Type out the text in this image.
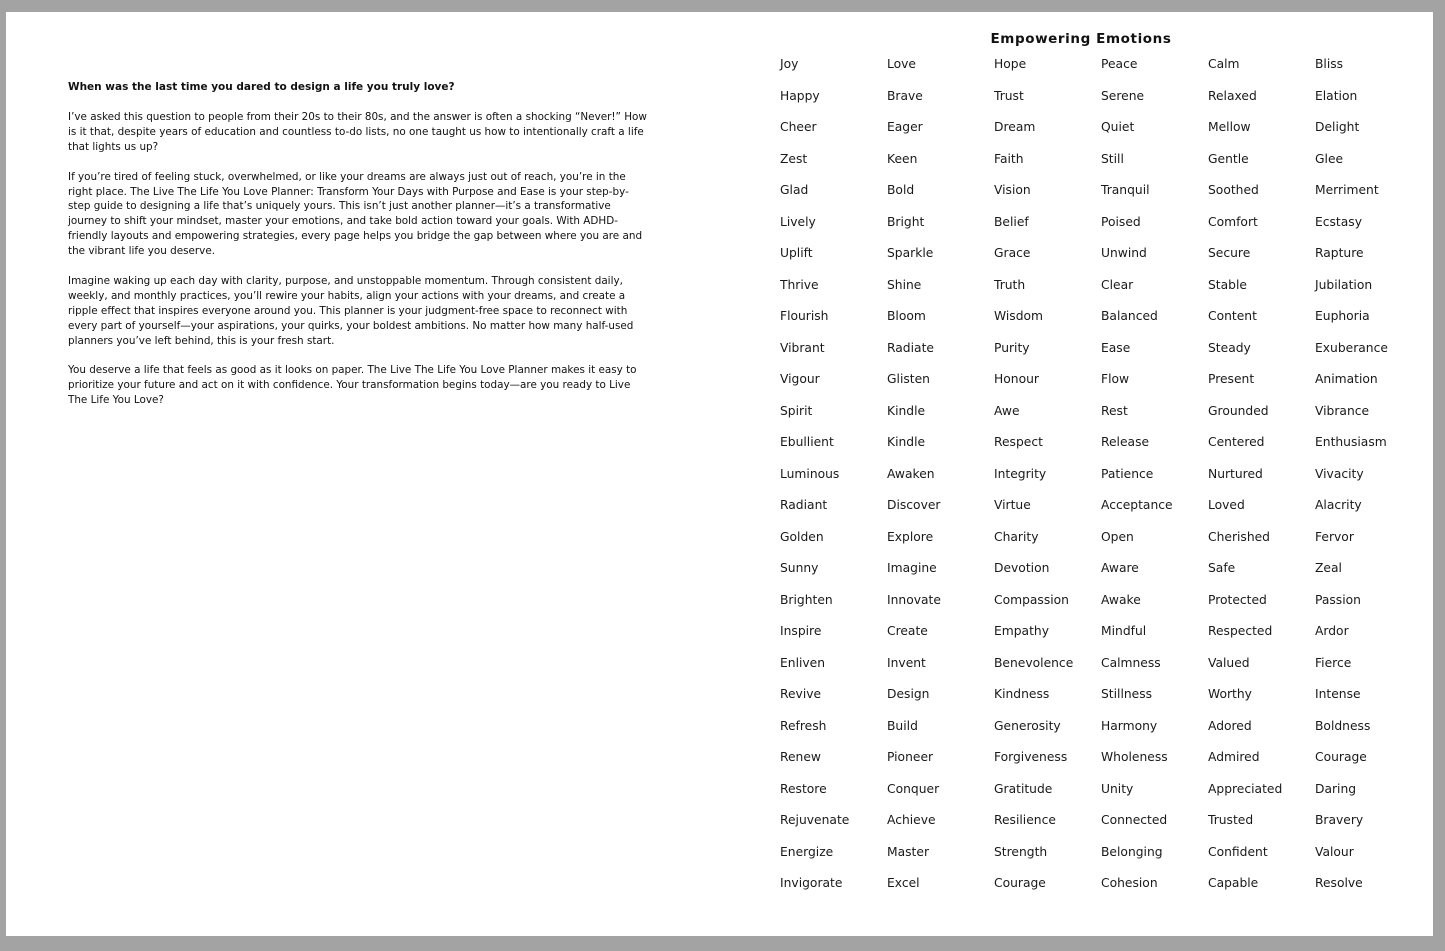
When was the last time you dared to design a life you truly love?

I’ve asked this question to people from their 20s to their 80s, and the answer is often a shocking “Never!” How is it that, despite years of education and countless to-do lists, no one taught us how to intentionally craft a life that lights us up?

If you’re tired of feeling stuck, overwhelmed, or like your dreams are always just out of reach, you’re in the right place. The Live The Life You Love Planner: Transform Your Days with Purpose and Ease is your step-by-step guide to designing a life that’s uniquely yours. This isn’t just another planner—it’s a transformative journey to shift your mindset, master your emotions, and take bold action toward your goals. With ADHD-friendly layouts and empowering strategies, every page helps you bridge the gap between where you are and the vibrant life you deserve.

Imagine waking up each day with clarity, purpose, and unstoppable momentum. Through consistent daily, weekly, and monthly practices, you’ll rewire your habits, align your actions with your dreams, and create a ripple effect that inspires everyone around you. This planner is your judgment-free space to reconnect with every part of yourself—your aspirations, your quirks, your boldest ambitions. No matter how many half-used planners you’ve left behind, this is your fresh start.

You deserve a life that feels as good as it looks on paper. The Live The Life You Love Planner makes it easy to prioritize your future and act on it with confidence. Your transformation begins today—are you ready to Live The Life You Love?

Empowering Emotions
Joy
Happy
Cheer
Zest
Glad
Lively
Uplift
Thrive
Flourish
Vibrant
Vigour
Spirit
Ebullient
Luminous
Radiant
Golden
Sunny
Brighten
Inspire
Enliven
Revive
Refresh
Renew
Restore
Rejuvenate
Energize
Invigorate
Love
Brave
Eager
Keen
Bold
Bright
Sparkle
Shine
Bloom
Radiate
Glisten
Kindle
Kindle
Awaken
Discover
Explore
Imagine
Innovate
Create
Invent
Design
Build
Pioneer
Conquer
Achieve
Master
Excel
Hope
Trust
Dream
Faith
Vision
Belief
Grace
Truth
Wisdom
Purity
Honour
Awe
Respect
Integrity
Virtue
Charity
Devotion
Compassion
Empathy
Benevolence
Kindness
Generosity
Forgiveness
Gratitude
Resilience
Strength
Courage
Peace
Serene
Quiet
Still
Tranquil
Poised
Unwind
Clear
Balanced
Ease
Flow
Rest
Release
Patience
Acceptance
Open
Aware
Awake
Mindful
Calmness
Stillness
Harmony
Wholeness
Unity
Connected
Belonging
Cohesion
Calm
Relaxed
Mellow
Gentle
Soothed
Comfort
Secure
Stable
Content
Steady
Present
Grounded
Centered
Nurtured
Loved
Cherished
Safe
Protected
Respected
Valued
Worthy
Adored
Admired
Appreciated
Trusted
Confident
Capable
Bliss
Elation
Delight
Glee
Merriment
Ecstasy
Rapture
Jubilation
Euphoria
Exuberance
Animation
Vibrance
Enthusiasm
Vivacity
Alacrity
Fervor
Zeal
Passion
Ardor
Fierce
Intense
Boldness
Courage
Daring
Bravery
Valour
Resolve
